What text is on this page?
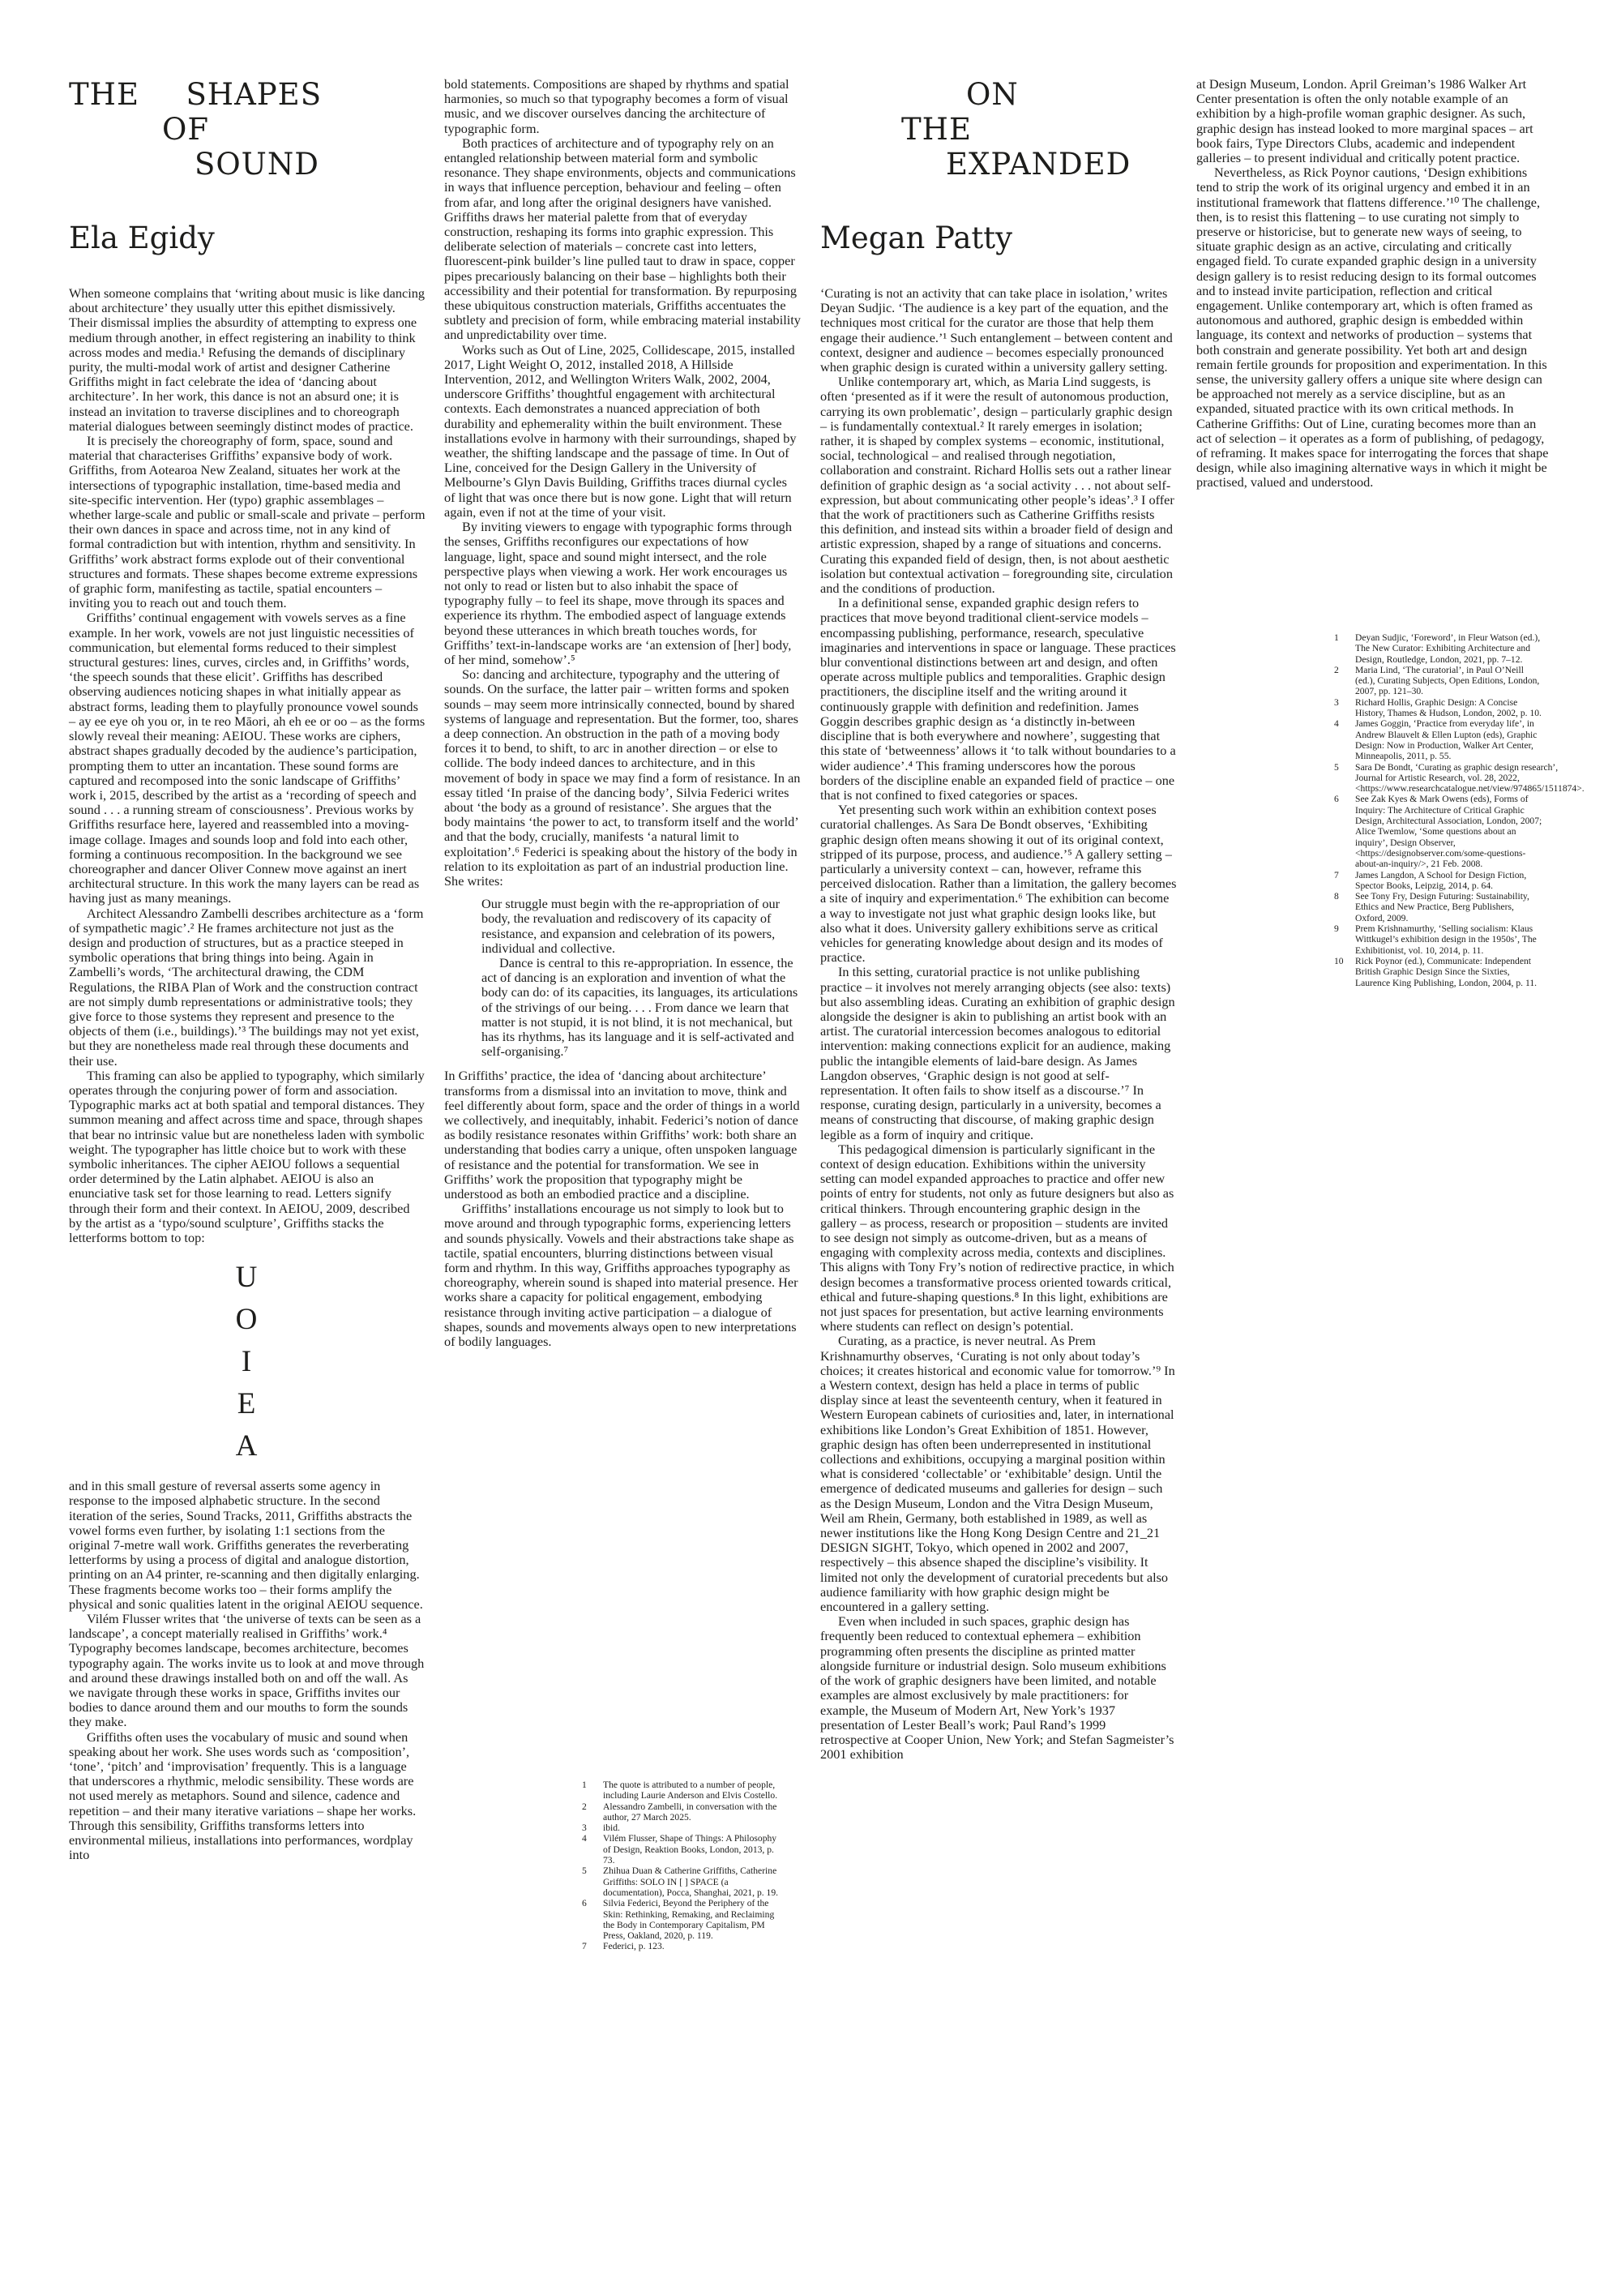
THE  SHAPES
OF
SOUND
Ela Egidy

When someone complains that ‘writing about music is like dancing about architecture’ they usually utter this epithet dismissively. Their dismissal implies the absurdity of attempting to express one medium through another, in effect registering an inability to think across modes and media.¹ Refusing the demands of disciplinary purity, the multi-modal work of artist and designer Catherine Griffiths might in fact celebrate the idea of ‘dancing about architecture’. In her work, this dance is not an absurd one; it is instead an invitation to traverse disciplines and to choreograph material dialogues between seemingly distinct modes of practice.

It is precisely the choreography of form, space, sound and material that characterises Griffiths’ expansive body of work. Griffiths, from Aotearoa New Zealand, situates her work at the intersections of typographic installation, time-based media and site-specific intervention. Her (typo) graphic assemblages – whether large-scale and public or small-scale and private – perform their own dances in space and across time, not in any kind of formal contradiction but with intention, rhythm and sensitivity. In Griffiths’ work abstract forms explode out of their conventional structures and formats. These shapes become extreme expressions of graphic form, manifesting as tactile, spatial encounters – inviting you to reach out and touch them.

Griffiths’ continual engagement with vowels serves as a fine example. In her work, vowels are not just linguistic necessities of communication, but elemental forms reduced to their simplest structural gestures: lines, curves, circles and, in Griffiths’ words, ‘the speech sounds that these elicit’. Griffiths has described observing audiences noticing shapes in what initially appear as abstract forms, leading them to playfully pronounce vowel sounds – ay ee eye oh you or, in te reo Māori, ah eh ee or oo – as the forms slowly reveal their meaning: AEIOU. These works are ciphers, abstract shapes gradually decoded by the audience’s participation, prompting them to utter an incantation. These sound forms are captured and recomposed into the sonic landscape of Griffiths’ work i, 2015, described by the artist as a ‘recording of speech and sound . . . a running stream of consciousness’. Previous works by Griffiths resurface here, layered and reassembled into a moving-image collage. Images and sounds loop and fold into each other, forming a continuous recomposition. In the background we see choreographer and dancer Oliver Connew move against an inert architectural structure. In this work the many layers can be read as having just as many meanings.

Architect Alessandro Zambelli describes architecture as a ‘form of sympathetic magic’.² He frames architecture not just as the design and production of structures, but as a practice steeped in symbolic operations that bring things into being. Again in Zambelli’s words, ‘The architectural drawing, the CDM Regulations, the RIBA Plan of Work and the construction contract are not simply dumb representations or administrative tools; they give force to those systems they represent and presence to the objects of them (i.e., buildings).’³ The buildings may not yet exist, but they are nonetheless made real through these documents and their use.

This framing can also be applied to typography, which similarly operates through the conjuring power of form and association. Typographic marks act at both spatial and temporal distances. They summon meaning and affect across time and space, through shapes that bear no intrinsic value but are nonetheless laden with symbolic weight. The typographer has little choice but to work with these symbolic inheritances. The cipher AEIOU follows a sequential order determined by the Latin alphabet. AEIOU is also an enunciative task set for those learning to read. Letters signify through their form and their context. In AEIOU, 2009, described by the artist as a ‘typo/sound sculpture’, Griffiths stacks the letterforms bottom to top:

U
O
I
E
A

and in this small gesture of reversal asserts some agency in response to the imposed alphabetic structure. In the second iteration of the series, Sound Tracks, 2011, Griffiths abstracts the vowel forms even further, by isolating 1:1 sections from the original 7-metre wall work. Griffiths generates the reverberating letterforms by using a process of digital and analogue distortion, printing on an A4 printer, re-scanning and then digitally enlarging. These fragments become works too – their forms amplify the physical and sonic qualities latent in the original AEIOU sequence.

Vilém Flusser writes that ‘the universe of texts can be seen as a landscape’, a concept materially realised in Griffiths’ work.⁴ Typography becomes landscape, becomes architecture, becomes typography again. The works invite us to look at and move through and around these drawings installed both on and off the wall. As we navigate through these works in space, Griffiths invites our bodies to dance around them and our mouths to form the sounds they make.

Griffiths often uses the vocabulary of music and sound when speaking about her work. She uses words such as ‘composition’, ‘tone’, ‘pitch’ and ‘improvisation’ frequently. This is a language that underscores a rhythmic, melodic sensibility. These words are not used merely as metaphors. Sound and silence, cadence and repetition – and their many iterative variations – shape her works. Through this sensibility, Griffiths transforms letters into environmental milieus, installations into performances, wordplay into

bold statements. Compositions are shaped by rhythms and spatial harmonies, so much so that typography becomes a form of visual music, and we discover ourselves dancing the architecture of typographic form.

Both practices of architecture and of typography rely on an entangled relationship between material form and symbolic resonance. They shape environments, objects and communications in ways that influence perception, behaviour and feeling – often from afar, and long after the original designers have vanished. Griffiths draws her material palette from that of everyday construction, reshaping its forms into graphic expression. This deliberate selection of materials – concrete cast into letters, fluorescent-pink builder’s line pulled taut to draw in space, copper pipes precariously balancing on their base – highlights both their accessibility and their potential for transformation. By repurposing these ubiquitous construction materials, Griffiths accentuates the subtlety and precision of form, while embracing material instability and unpredictability over time.

Works such as Out of Line, 2025, Collidescape, 2015, installed 2017, Light Weight O, 2012, installed 2018, A Hillside Intervention, 2012, and Wellington Writers Walk, 2002, 2004, underscore Griffiths’ thoughtful engagement with architectural contexts. Each demonstrates a nuanced appreciation of both durability and ephemerality within the built environment. These installations evolve in harmony with their surroundings, shaped by weather, the shifting landscape and the passage of time. In Out of Line, conceived for the Design Gallery in the University of Melbourne’s Glyn Davis Building, Griffiths traces diurnal cycles of light that was once there but is now gone. Light that will return again, even if not at the time of your visit.

By inviting viewers to engage with typographic forms through the senses, Griffiths reconfigures our expectations of how language, light, space and sound might intersect, and the role perspective plays when viewing a work. Her work encourages us not only to read or listen but to also inhabit the space of typography fully – to feel its shape, move through its spaces and experience its rhythm. The embodied aspect of language extends beyond these utterances in which breath touches words, for Griffiths’ text-in-landscape works are ‘an extension of [her] body, of her mind, somehow’.⁵

So: dancing and architecture, typography and the uttering of sounds. On the surface, the latter pair – written forms and spoken sounds – may seem more intrinsically connected, bound by shared systems of language and representation. But the former, too, shares a deep connection. An obstruction in the path of a moving body forces it to bend, to shift, to arc in another direction – or else to collide. The body indeed dances to architecture, and in this movement of body in space we may find a form of resistance. In an essay titled ‘In praise of the dancing body’, Silvia Federici writes about ‘the body as a ground of resistance’. She argues that the body maintains ‘the power to act, to transform itself and the world’ and that the body, crucially, manifests ‘a natural limit to exploitation’.⁶ Federici is speaking about the history of the body in relation to its exploitation as part of an industrial production line. She writes:

Our struggle must begin with the re-appropriation of our body, the revaluation and rediscovery of its capacity of resistance, and expansion and celebration of its powers, individual and collective.

Dance is central to this re-appropriation. In essence, the act of dancing is an exploration and invention of what the body can do: of its capacities, its languages, its articulations of the strivings of our being. . . . From dance we learn that matter is not stupid, it is not blind, it is not mechanical, but has its rhythms, has its language and it is self-activated and self-organising.⁷

In Griffiths’ practice, the idea of ‘dancing about architecture’ transforms from a dismissal into an invitation to move, think and feel differently about form, space and the order of things in a world we collectively, and inequitably, inhabit. Federici’s notion of dance as bodily resistance resonates within Griffiths’ work: both share an understanding that bodies carry a unique, often unspoken language of resistance and the potential for transformation. We see in Griffiths’ work the proposition that typography might be understood as both an embodied practice and a discipline.

Griffiths’ installations encourage us not simply to look but to move around and through typographic forms, experiencing letters and sounds physically. Vowels and their abstractions take shape as tactile, spatial encounters, blurring distinctions between visual form and rhythm. In this way, Griffiths approaches typography as choreography, wherein sound is shaped into material presence. Her works share a capacity for political engagement, embodying resistance through inviting active participation – a dialogue of shapes, sounds and movements always open to new interpretations of bodily languages.

1	The quote is attributed to a number of people, including Laurie Anderson and Elvis Costello.
2	Alessandro Zambelli, in conversation with the author, 27 March 2025.
3	ibid.
4	Vilém Flusser, Shape of Things: A Philosophy of Design, Reaktion Books, London, 2013, p. 73.
5	Zhihua Duan & Catherine Griffiths, Catherine Griffiths: SOLO IN [ ] SPACE (a documentation), Pocca, Shanghai, 2021, p. 19.
6	Silvia Federici, Beyond the Periphery of the Skin: Rethinking, Remaking, and Reclaiming the Body in Contemporary Capitalism, PM Press, Oakland, 2020, p. 119.
7	Federici, p. 123.
ON
THE
EXPANDED
Megan Patty

‘Curating is not an activity that can take place in isolation,’ writes Deyan Sudjic. ‘The audience is a key part of the equation, and the techniques most critical for the curator are those that help them engage their audience.’¹ Such entanglement – between content and context, designer and audience – becomes especially pronounced when graphic design is curated within a university gallery setting.

Unlike contemporary art, which, as Maria Lind suggests, is often ‘presented as if it were the result of autonomous production, carrying its own problematic’, design – particularly graphic design – is fundamentally contextual.² It rarely emerges in isolation; rather, it is shaped by complex systems – economic, institutional, social, technological – and realised through negotiation, collaboration and constraint. Richard Hollis sets out a rather linear definition of graphic design as ‘a social activity . . . not about self-expression, but about communicating other people’s ideas’.³ I offer that the work of practitioners such as Catherine Griffiths resists this definition, and instead sits within a broader field of design and artistic expression, shaped by a range of situations and concerns. Curating this expanded field of design, then, is not about aesthetic isolation but contextual activation – foregrounding site, circulation and the conditions of production.

In a definitional sense, expanded graphic design refers to practices that move beyond traditional client-service models – encompassing publishing, performance, research, speculative imaginaries and interventions in space or language. These practices blur conventional distinctions between art and design, and often operate across multiple publics and temporalities. Graphic design practitioners, the discipline itself and the writing around it continuously grapple with definition and redefinition. James Goggin describes graphic design as ‘a distinctly in-between discipline that is both everywhere and nowhere’, suggesting that this state of ‘betweenness’ allows it ‘to talk without boundaries to a wider audience’.⁴ This framing underscores how the porous borders of the discipline enable an expanded field of practice – one that is not confined to fixed categories or spaces.

Yet presenting such work within an exhibition context poses curatorial challenges. As Sara De Bondt observes, ‘Exhibiting graphic design often means showing it out of its original context, stripped of its purpose, process, and audience.’⁵ A gallery setting – particularly a university context – can, however, reframe this perceived dislocation. Rather than a limitation, the gallery becomes a site of inquiry and experimentation.⁶ The exhibition can become a way to investigate not just what graphic design looks like, but also what it does. University gallery exhibitions serve as critical vehicles for generating knowledge about design and its modes of practice.

In this setting, curatorial practice is not unlike publishing practice – it involves not merely arranging objects (see also: texts) but also assembling ideas. Curating an exhibition of graphic design alongside the designer is akin to publishing an artist book with an artist. The curatorial intercession becomes analogous to editorial intervention: making connections explicit for an audience, making public the intangible elements of laid-bare design. As James Langdon observes, ‘Graphic design is not good at self-representation. It often fails to show itself as a discourse.’⁷ In response, curating design, particularly in a university, becomes a means of constructing that discourse, of making graphic design legible as a form of inquiry and critique.

This pedagogical dimension is particularly significant in the context of design education. Exhibitions within the university setting can model expanded approaches to practice and offer new points of entry for students, not only as future designers but also as critical thinkers. Through encountering graphic design in the gallery – as process, research or proposition – students are invited to see design not simply as outcome-driven, but as a means of engaging with complexity across media, contexts and disciplines. This aligns with Tony Fry’s notion of redirective practice, in which design becomes a transformative process oriented towards critical, ethical and future-shaping questions.⁸ In this light, exhibitions are not just spaces for presentation, but active learning environments where students can reflect on design’s potential.

Curating, as a practice, is never neutral. As Prem Krishnamurthy observes, ‘Curating is not only about today’s choices; it creates historical and economic value for tomorrow.’⁹ In a Western context, design has held a place in terms of public display since at least the seventeenth century, when it featured in Western European cabinets of curiosities and, later, in international exhibitions like London’s Great Exhibition of 1851. However, graphic design has often been underrepresented in institutional collections and exhibitions, occupying a marginal position within what is considered ‘collectable’ or ‘exhibitable’ design. Until the emergence of dedicated museums and galleries for design – such as the Design Museum, London and the Vitra Design Museum, Weil am Rhein, Germany, both established in 1989, as well as newer institutions like the Hong Kong Design Centre and 21_21 DESIGN SIGHT, Tokyo, which opened in 2002 and 2007, respectively – this absence shaped the discipline’s visibility. It limited not only the development of curatorial precedents but also audience familiarity with how graphic design might be encountered in a gallery setting.

Even when included in such spaces, graphic design has frequently been reduced to contextual ephemera – exhibition programming often presents the discipline as printed matter alongside furniture or industrial design. Solo museum exhibitions of the work of graphic designers have been limited, and notable examples are almost exclusively by male practitioners: for example, the Museum of Modern Art, New York’s 1937 presentation of Lester Beall’s work; Paul Rand’s 1999 retrospective at Cooper Union, New York; and Stefan Sagmeister’s 2001 exhibition

at Design Museum, London. April Greiman’s 1986 Walker Art Center presentation is often the only notable example of an exhibition by a high-profile woman graphic designer. As such, graphic design has instead looked to more marginal spaces – art book fairs, Type Directors Clubs, academic and independent galleries – to present individual and critically potent practice.

Nevertheless, as Rick Poynor cautions, ‘Design exhibitions tend to strip the work of its original urgency and embed it in an institutional framework that flattens difference.’¹⁰ The challenge, then, is to resist this flattening – to use curating not simply to preserve or historicise, but to generate new ways of seeing, to situate graphic design as an active, circulating and critically engaged field. To curate expanded graphic design in a university design gallery is to resist reducing design to its formal outcomes and to instead invite participation, reflection and critical engagement. Unlike contemporary art, which is often framed as autonomous and authored, graphic design is embedded within language, its context and networks of production – systems that both constrain and generate possibility. Yet both art and design remain fertile grounds for proposition and experimentation. In this sense, the university gallery offers a unique site where design can be approached not merely as a service discipline, but as an expanded, situated practice with its own critical methods. In Catherine Griffiths: Out of Line, curating becomes more than an act of selection – it operates as a form of publishing, of pedagogy, of reframing. It makes space for interrogating the forces that shape design, while also imagining alternative ways in which it might be practised, valued and understood.

1	Deyan Sudjic, ‘Foreword’, in Fleur Watson (ed.), The New Curator: Exhibiting Architecture and Design, Routledge, London, 2021, pp. 7–12.
2	Maria Lind, ‘The curatorial’, in Paul O’Neill (ed.), Curating Subjects, Open Editions, London, 2007, pp. 121–30.
3	Richard Hollis, Graphic Design: A Concise History, Thames & Hudson, London, 2002, p. 10.
4	James Goggin, ‘Practice from everyday life’, in Andrew Blauvelt & Ellen Lupton (eds), Graphic Design: Now in Production, Walker Art Center, Minneapolis, 2011, p. 55.
5	Sara De Bondt, ‘Curating as graphic design research’, Journal for Artistic Research, vol. 28, 2022, <https://www.researchcatalogue.net/view/974865/1511874>.
6	See Zak Kyes & Mark Owens (eds), Forms of Inquiry: The Architecture of Critical Graphic Design, Architectural Association, London, 2007; Alice Twemlow, ‘Some questions about an inquiry’, Design Observer, <https://designobserver.com/some-questions-about-an-inquiry/>, 21 Feb. 2008.
7	James Langdon, A School for Design Fiction, Spector Books, Leipzig, 2014, p. 64.
8	See Tony Fry, Design Futuring: Sustainability, Ethics and New Practice, Berg Publishers, Oxford, 2009.
9	Prem Krishnamurthy, ‘Selling socialism: Klaus Wittkugel’s exhibition design in the 1950s’, The Exhibitionist, vol. 10, 2014, p. 11.
10	Rick Poynor (ed.), Communicate: Independent British Graphic Design Since the Sixties, Laurence King Publishing, London, 2004, p. 11.
